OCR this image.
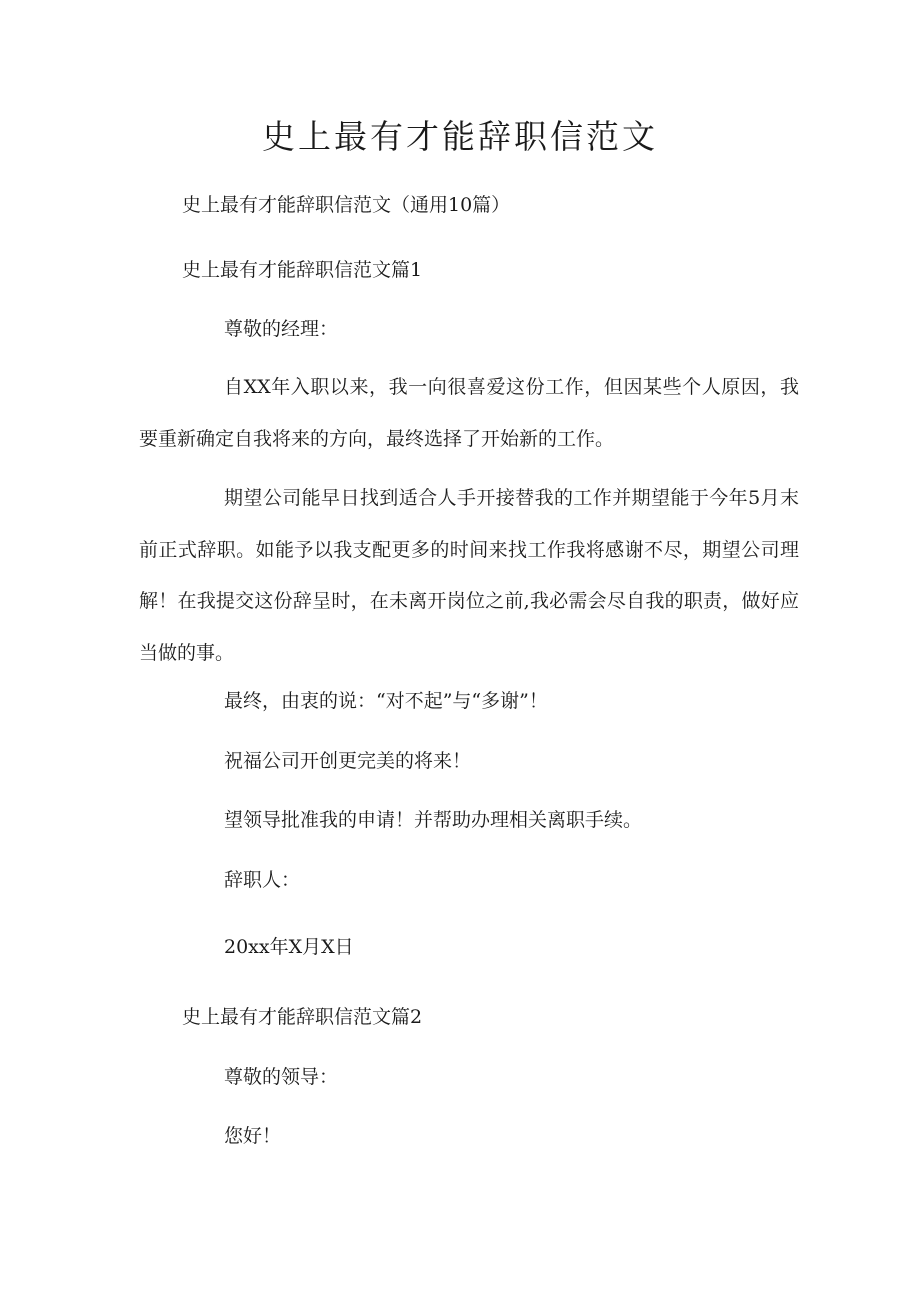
史上最有才能辞职信范文

史上最有才能辞职信范文（通用10篇）

史上最有才能辞职信范文篇1

尊敬的经理：

自XX年入职以来，我一向很喜爱这份工作，但因某些个人原因，我要重新确定自我将来的方向，最终选择了开始新的工作。

期望公司能早日找到适合人手开接替我的工作并期望能于今年5月末前正式辞职。如能予以我支配更多的时间来找工作我将感谢不尽，期望公司理解！在我提交这份辞呈时，在未离开岗位之前,我必需会尽自我的职责，做好应当做的事。

最终，由衷的说：“对不起”与“多谢”！

祝福公司开创更完美的将来！

望领导批准我的申请！并帮助办理相关离职手续。

辞职人：

20xx年X月X日

史上最有才能辞职信范文篇2

尊敬的领导：

您好！
